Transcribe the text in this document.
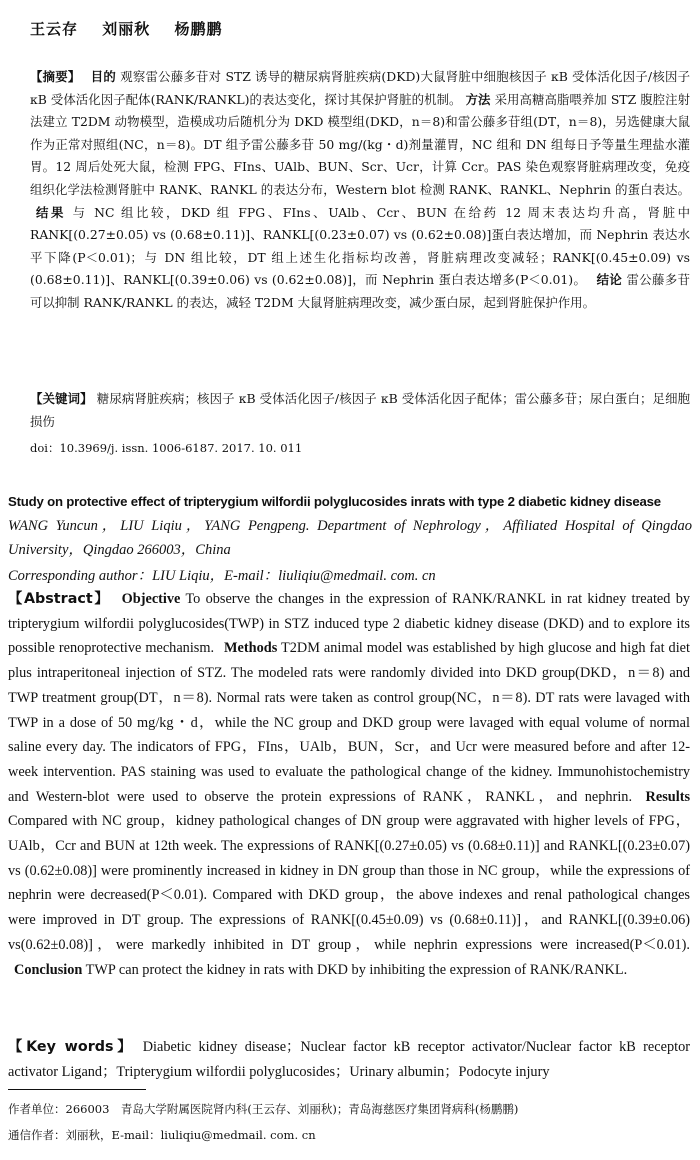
王云存 刘丽秋 杨鹏鹏
【摘要】 目的 观察雷公藤多苷对 STZ 诱导的糖尿病肾脏疾病(DKD)大鼠肾脏中细胞核因子 κB 受体活化因子/核因子 κB 受体活化因子配体(RANK/RANKL)的表达变化，探讨其保护肾脏的机制。 方法 采用高糖高脂喂养加 STZ 腹腔注射法建立 T2DM 动物模型，造模成功后随机分为 DKD 模型组(DKD，n＝8)和雷公藤多苷组(DT，n＝8)，另选健康大鼠作为正常对照组(NC，n＝8)。DT 组予雷公藤多苷 50 mg/(kg・d)剂量灌胃，NC 组和 DN 组每日予等量生理盐水灌胃。12 周后处死大鼠，检测 FPG、FIns、UAlb、BUN、Scr、Ucr，计算 Ccr。PAS 染色观察肾脏病理改变，免疫组织化学法检测肾脏中 RANK、RANKL 的表达分布，Western blot 检测 RANK、RANKL、Nephrin 的蛋白表达。 结果 与 NC 组比较，DKD 组 FPG、FIns、UAlb、Ccr、BUN 在给药 12 周末表达均升高，肾脏中 RANK[(0.27±0.05) vs (0.68±0.11)]、RANKL[(0.23±0.07) vs (0.62±0.08)]蛋白表达增加，而 Nephrin 表达水平下降(P＜0.01)；与 DN 组比较，DT 组上述生化指标均改善，肾脏病理改变减轻；RANK[(0.45±0.09) vs (0.68±0.11)]、RANKL[(0.39±0.06) vs (0.62±0.08)]，而 Nephrin 蛋白表达增多(P＜0.01)。 结论 雷公藤多苷可以抑制 RANK/RANKL 的表达，减轻 T2DM 大鼠肾脏病理改变，减少蛋白尿，起到肾脏保护作用。
【关键词】 糖尿病肾脏疾病；核因子 κB 受体活化因子/核因子 κB 受体活化因子配体；雷公藤多苷；尿白蛋白；足细胞损伤
doi：10.3969/j. issn. 1006-6187. 2017. 10. 011
Study on protective effect of tripterygium wilfordii polyglucosides inrats with type 2 diabetic kidney disease
WANG Yuncun，LIU Liqiu，YANG Pengpeng. Department of Nephrology，Affiliated Hospital of Qingdao University，Qingdao 266003，China
Corresponding author：LIU Liqiu，E-mail：liuliqiu@medmail. com. cn
【Abstract】 Objective To observe the changes in the expression of RANK/RANKL in rat kidney treated by tripterygium wilfordii polyglucosides(TWP) in STZ induced type 2 diabetic kidney disease (DKD) and to explore its possible renoprotective mechanism. Methods T2DM animal model was established by high glucose and high fat diet plus intraperitoneal injection of STZ. The modeled rats were randomly divided into DKD group(DKD，n＝8) and TWP treatment group(DT，n＝8). Normal rats were taken as control group(NC，n＝8). DT rats were lavaged with TWP in a dose of 50 mg/kg・d，while the NC group and DKD group were lavaged with equal volume of normal saline every day. The indicators of FPG，FIns，UAlb，BUN，Scr，and Ucr were measured before and after 12-week intervention. PAS staining was used to evaluate the pathological change of the kidney. Immunohistochemistry and Western-blot were used to observe the protein expressions of RANK，RANKL，and nephrin. Results Compared with NC group，kidney pathological changes of DN group were aggravated with higher levels of FPG，UAlb，Ccr and BUN at 12th week. The expressions of RANK[(0.27±0.05) vs (0.68±0.11)] and RANKL[(0.23±0.07) vs (0.62±0.08)] were prominently increased in kidney in DN group than those in NC group，while the expressions of nephrin were decreased(P＜0.01). Compared with DKD group，the above indexes and renal pathological changes were improved in DT group. The expressions of RANK[(0.45±0.09) vs (0.68±0.11)]，and RANKL[(0.39±0.06) vs(0.62±0.08)]，were markedly inhibited in DT group，while nephrin expressions were increased(P＜0.01). Conclusion TWP can protect the kidney in rats with DKD by inhibiting the expression of RANK/RANKL.
【Key words】 Diabetic kidney disease；Nuclear factor kB receptor activator/Nuclear factor kB receptor activator Ligand；Tripterygium wilfordii polyglucosides；Urinary albumin；Podocyte injury
作者单位：266003　青岛大学附属医院肾内科(王云存、刘丽秋)；青岛海慈医疗集团肾病科(杨鹏鹏)
通信作者：刘丽秋，E-mail：liuliqiu@medmail. com. cn
